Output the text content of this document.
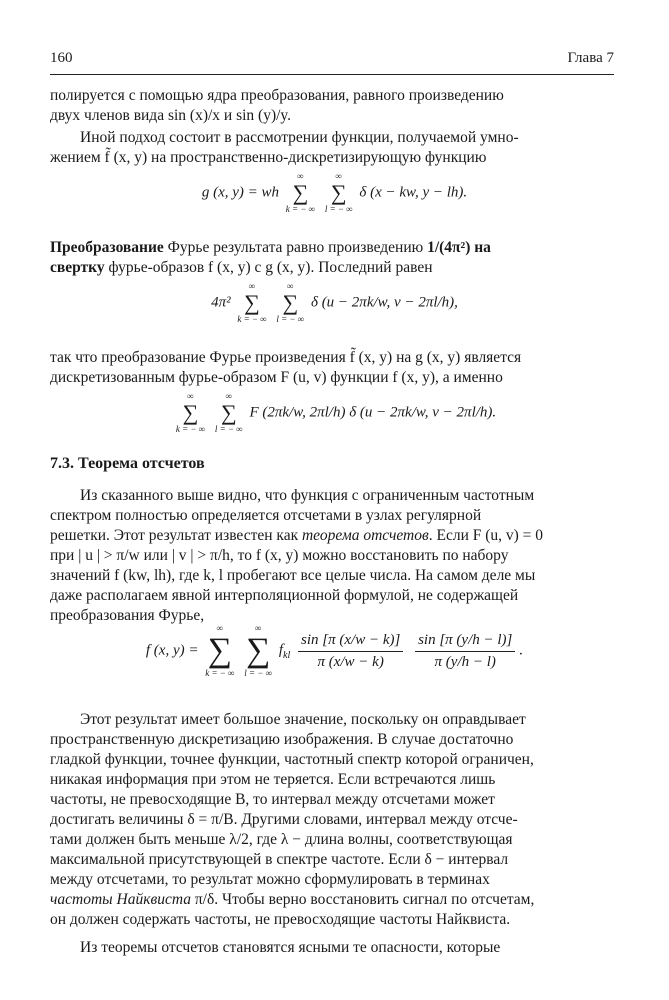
160	Глава 7
полируется с помощью ядра преобразования, равного произведению
двух членов вида sin (x)/x и sin (y)/y.
Иной подход состоит в рассмотрении функции, получаемой умно-
жением f̃ (x, y) на пространственно-дискретизирующую функцию
g (x, y) = wh
∞
∑
k = − ∞

∞
∑
l = − ∞
δ (x − kw, y − lh).
Преобразование Фурье результата равно произведению 1/(4π²) на
свертку фурье-образов f (x, y) с g (x, y). Последний равен
4π²
∞
∑
k = − ∞

∞
∑
l = − ∞
δ (u − 2πk/w, v − 2πl/h),
так что преобразование Фурье произведения f̃ (x, y) на g (x, y) является
дискретизованным фурье-образом F (u, v) функции f (x, y), а именно
∞
∑
k = − ∞

∞
∑
l = − ∞
F (2πk/w, 2πl/h) δ (u − 2πk/w, v − 2πl/h).
7.3. Теорема отсчетов
Из сказанного выше видно, что функция с ограниченным частотным
спектром полностью определяется отсчетами в узлах регулярной
решетки. Этот результат известен как теорема отсчетов. Если F (u, v) = 0
при | u | > π/w или | v | > π/h, то f (x, y) можно восстановить по набору
значений f (kw, lh), где k, l пробегают все целые числа. На самом деле мы
даже располагаем явной интерполяционной формулой, не содержащей
преобразования Фурье,
f (x, y) =
∞
∑
k = − ∞

∞
∑
l = − ∞
$f_{kl} \frac{\sin [\pi (x/w - k)]}{\pi (x/w - k)}$
$\frac{\sin [\pi (y/h - l)]}{\pi (y/h - l)}$ .
Этот результат имеет большое значение, поскольку он оправдывает
пространственную дискретизацию изображения. В случае достаточно
гладкой функции, точнее функции, частотный спектр которой ограничен,
никакая информация при этом не теряется. Если встречаются лишь
частоты, не превосходящие B, то интервал между отсчетами может
достигать величины δ = π/B. Другими словами, интервал между отсче-
тами должен быть меньше λ/2, где λ − длина волны, соответствующая
максимальной присутствующей в спектре частоте. Если δ − интервал
между отсчетами, то результат можно сформулировать в терминах
частоты Найквиста π/δ. Чтобы верно восстановить сигнал по отсчетам,
он должен содержать частоты, не превосходящие частоты Найквиста.
Из теоремы отсчетов становятся ясными те опасности, которые
